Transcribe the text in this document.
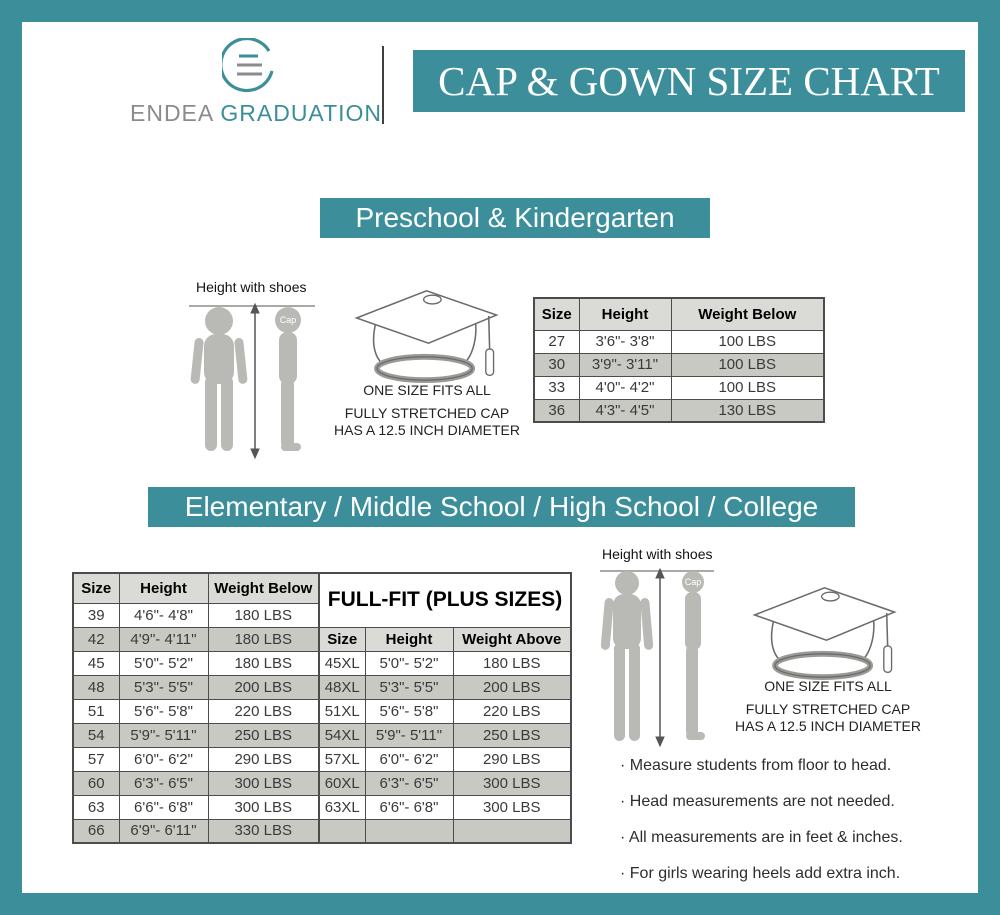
ENDEA GRADUATION
CAP & GOWN SIZE CHART
Preschool & Kindergarten
Height with shoes
Cap
ONE SIZE FITS ALL
FULLY STRETCHED CAP
HAS A 12.5 INCH DIAMETER
Size	Height	Weight Below
27	3'6"- 3'8"	100 LBS
30	3'9"- 3'11"	100 LBS
33	4'0"- 4'2"	100 LBS
36	4'3"- 4'5"	130 LBS
Elementary / Middle School / High School / College
Size	Height	Weight Below
39	4'6"- 4'8"	180 LBS
42	4'9"- 4'11"	180 LBS
45	5'0"- 5'2"	180 LBS
48	5'3"- 5'5"	200 LBS
51	5'6"- 5'8"	220 LBS
54	5'9"- 5'11"	250 LBS
57	6'0"- 6'2"	290 LBS
60	6'3"- 6'5"	300 LBS
63	6'6"- 6'8"	300 LBS
66	6'9"- 6'11"	330 LBS
FULL-FIT (PLUS SIZES)		
Size	Height	Weight Above
45XL	5'0"- 5'2"	180 LBS
48XL	5'3"- 5'5"	200 LBS
51XL	5'6"- 5'8"	220 LBS
54XL	5'9"- 5'11"	250 LBS
57XL	6'0"- 6'2"	290 LBS
60XL	6'3"- 6'5"	300 LBS
63XL	6'6"- 6'8"	300 LBS

Height with shoes
Cap
ONE SIZE FITS ALL
FULLY STRETCHED CAP
HAS A 12.5 INCH DIAMETER
· Measure students from floor to head.
· Head measurements are not needed.
· All measurements are in feet & inches.
· For girls wearing heels add extra inch.
